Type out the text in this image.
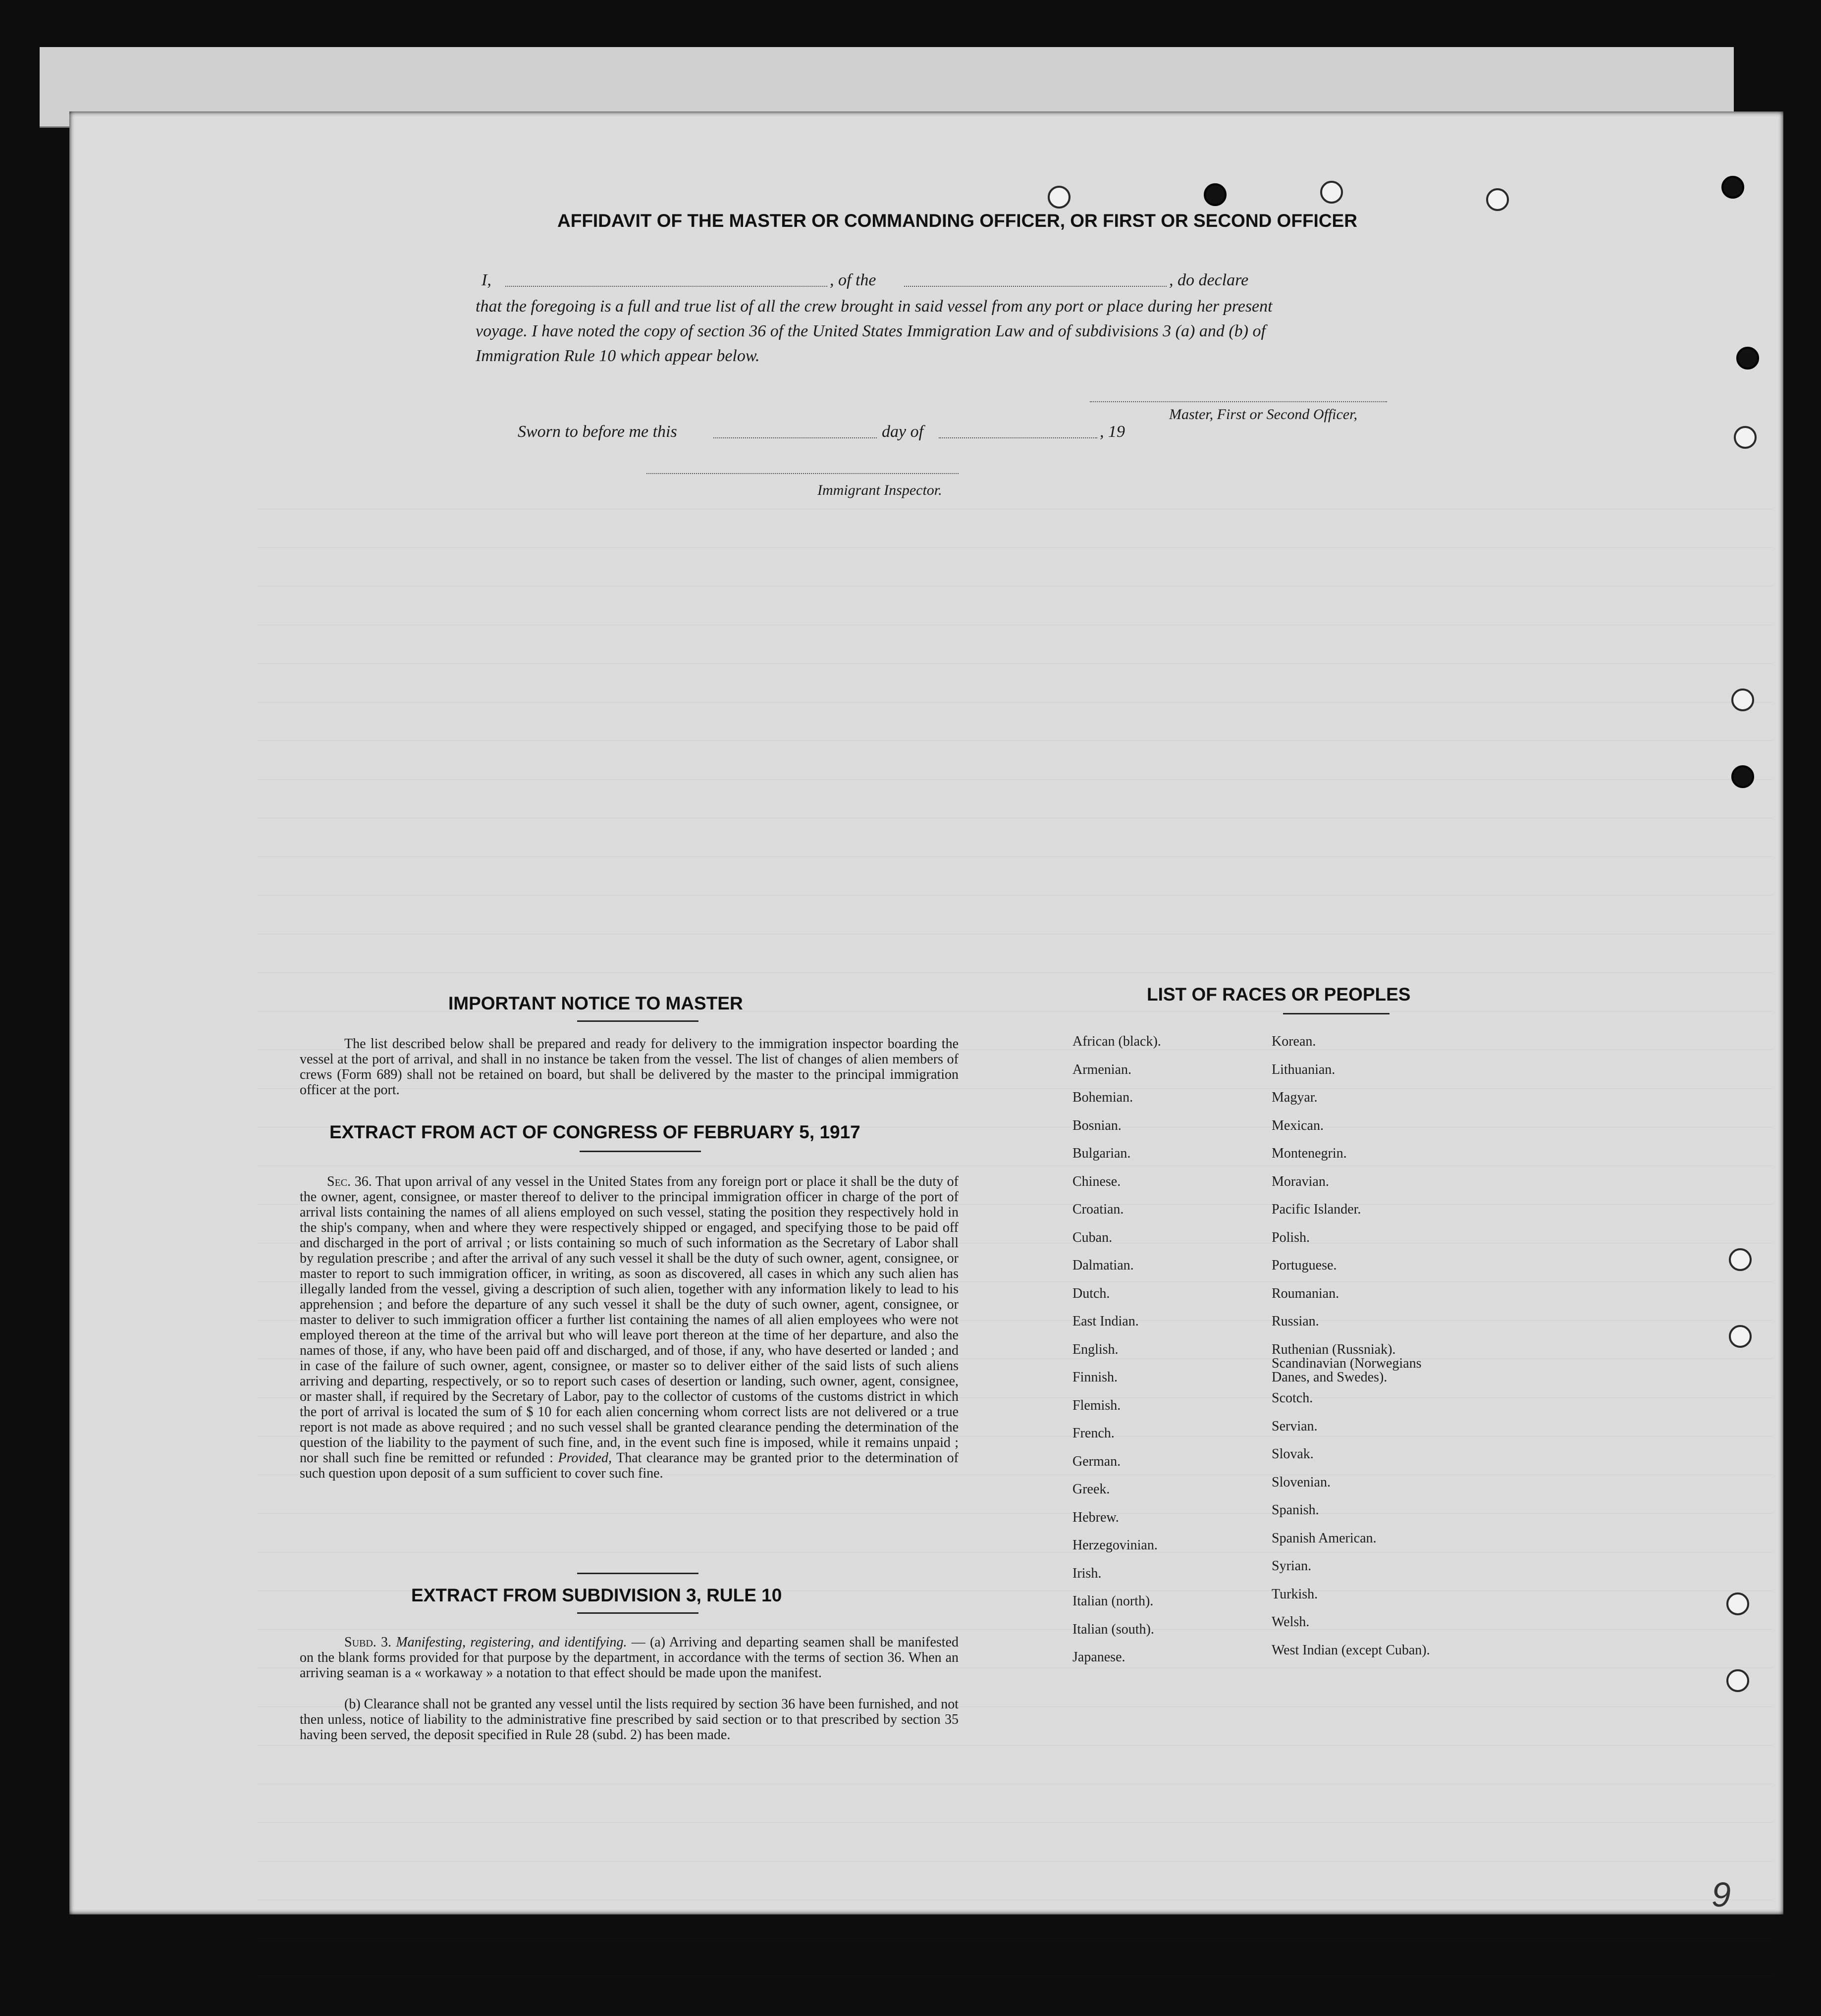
AFFIDAVIT OF THE MASTER OR COMMANDING OFFICER, OR FIRST OR SECOND OFFICER
I,	, of the	, do declare
that the foregoing is a full and true list of all the crew brought in said vessel from any port or place during her present
voyage. I have noted the copy of section 36 of the United States Immigration Law and of subdivisions 3 (a) and (b) of
Immigration Rule 10 which appear below.
Master, First or Second Officer,
Sworn to before me this	day of	, 19
Immigrant Inspector.
IMPORTANT NOTICE TO MASTER
The list described below shall be prepared and ready for delivery to the immigration inspector boarding the vessel at the port of arrival, and shall in no instance be taken from the vessel. The list of changes of alien members of crews (Form 689) shall not be retained on board, but shall be delivered by the master to the principal immigration officer at the port.
EXTRACT FROM ACT OF CONGRESS OF FEBRUARY 5, 1917
Sec. 36. That upon arrival of any vessel in the United States from any foreign port or place it shall be the duty of the owner, agent, consignee, or master thereof to deliver to the principal immigration officer in charge of the port of arrival lists containing the names of all aliens employed on such vessel, stating the position they respectively hold in the ship's company, when and where they were respectively shipped or engaged, and specifying those to be paid off and discharged in the port of arrival ; or lists containing so much of such information as the Secretary of Labor shall by regulation prescribe ; and after the arrival of any such vessel it shall be the duty of such owner, agent, consignee, or master to report to such immigration officer, in writing, as soon as discovered, all cases in which any such alien has illegally landed from the vessel, giving a description of such alien, together with any information likely to lead to his apprehension ; and before the departure of any such vessel it shall be the duty of such owner, agent, consignee, or master to deliver to such immigration officer a further list containing the names of all alien employees who were not employed thereon at the time of the arrival but who will leave port thereon at the time of her departure, and also the names of those, if any, who have been paid off and discharged, and of those, if any, who have deserted or landed ; and in case of the failure of such owner, agent, consignee, or master so to deliver either of the said lists of such aliens arriving and departing, respectively, or so to report such cases of desertion or landing, such owner, agent, consignee, or master shall, if required by the Secretary of Labor, pay to the collector of customs of the customs district in which the port of arrival is located the sum of $ 10 for each alien concerning whom correct lists are not delivered or a true report is not made as above required ; and no such vessel shall be granted clearance pending the determination of the question of the liability to the payment of such fine, and, in the event such fine is imposed, while it remains unpaid ; nor shall such fine be remitted or refunded : Provided, That clearance may be granted prior to the determination of such question upon deposit of a sum sufficient to cover such fine.
EXTRACT FROM SUBDIVISION 3, RULE 10
Subd. 3. Manifesting, registering, and identifying. — (a) Arriving and departing seamen shall be manifested on the blank forms provided for that purpose by the department, in accordance with the terms of section 36. When an arriving seaman is a « workaway » a notation to that effect should be made upon the manifest.
(b) Clearance shall not be granted any vessel until the lists required by section 36 have been furnished, and not then unless, notice of liability to the administrative fine prescribed by said section or to that prescribed by section 35 having been served, the deposit specified in Rule 28 (subd. 2) has been made.
LIST OF RACES OR PEOPLES
African (black).
Armenian.
Bohemian.
Bosnian.
Bulgarian.
Chinese.
Croatian.
Cuban.
Dalmatian.
Dutch.
East Indian.
English.
Finnish.
Flemish.
French.
German.
Greek.
Hebrew.
Herzegovinian.
Irish.
Italian (north).
Italian (south).
Japanese.
Korean.
Lithuanian.
Magyar.
Mexican.
Montenegrin.
Moravian.
Pacific Islander.
Polish.
Portuguese.
Roumanian.
Russian.
Ruthenian (Russniak).
Scandinavian (Norwegians
Danes, and Swedes).
Scotch.
Servian.
Slovak.
Slovenian.
Spanish.
Spanish American.
Syrian.
Turkish.
Welsh.
West Indian (except Cuban).
9
